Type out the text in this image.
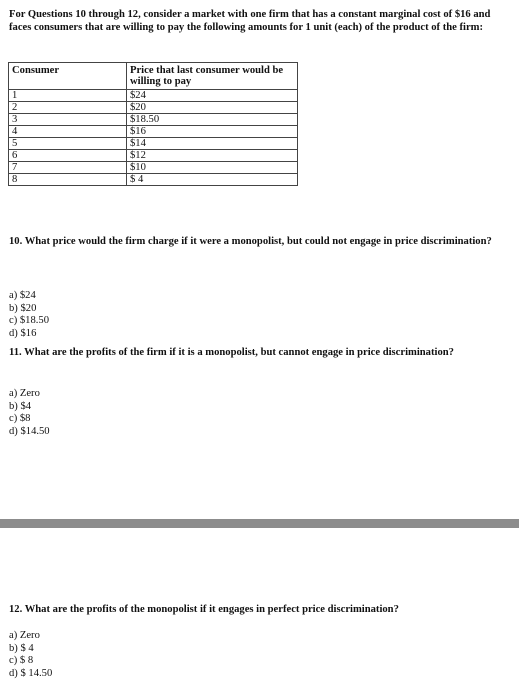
For Questions 10 through 12, consider a market with one firm that has a constant marginal cost of $16 and faces consumers that are willing to pay the following amounts for 1 unit (each) of the product of the firm:
Consumer	Price that last consumer would be willing to pay
1	$24
2	$20
3	$18.50
4	$16
5	$14
6	$12
7	$10
8	$ 4
10. What price would the firm charge if it were a monopolist, but could not engage in price discrimination?
a) $24
b) $20
c) $18.50
d) $16
11. What are the profits of the firm if it is a monopolist, but cannot engage in price discrimination?
a) Zero
b) $4
c) $8
d) $14.50
12. What are the profits of the monopolist if it engages in perfect price discrimination?
a) Zero
b) $ 4
c) $ 8
d) $ 14.50
